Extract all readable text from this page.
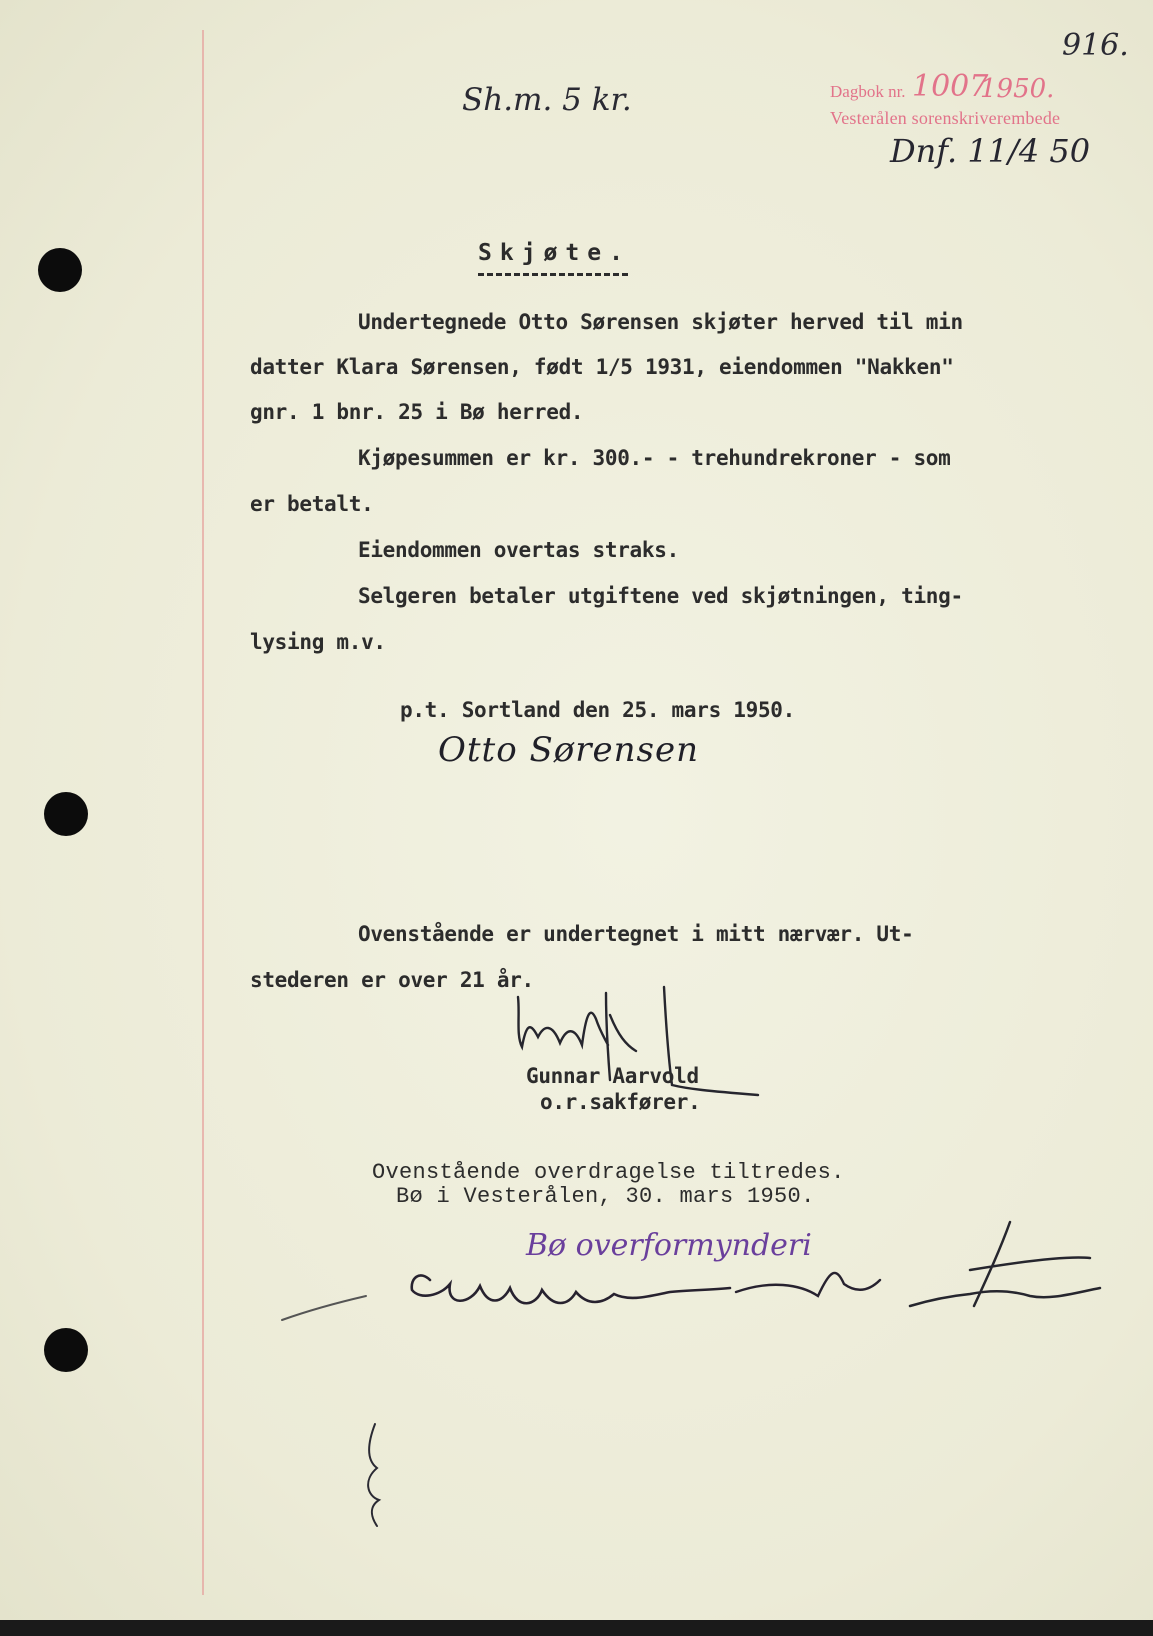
916.
Sh.m. 5 kr.	Dagbok nr. 1007
1950.
Vesterålen sorenskriverembede
Dnf. 11/4 50
Skjøte.
Undertegnede Otto Sørensen skjøter herved til min
datter Klara Sørensen, født 1/5 1931, eiendommen "Nakken"
gnr. 1 bnr. 25 i Bø herred.
Kjøpesummen er kr. 300.- - trehundrekroner - som
er betalt.
Eiendommen overtas straks.
Selgeren betaler utgiftene ved skjøtningen, ting-
lysing m.v.
p.t. Sortland den 25. mars 1950.
Otto Sørensen
Ovenstående er undertegnet i mitt nærvær. Ut-
stederen er over 21 år.
Gunnar Aarvold
o.r.sakfører.
Ovenstående overdragelse tiltredes.
Bø i Vesterålen, 30. mars 1950.
Bø overformynderi
